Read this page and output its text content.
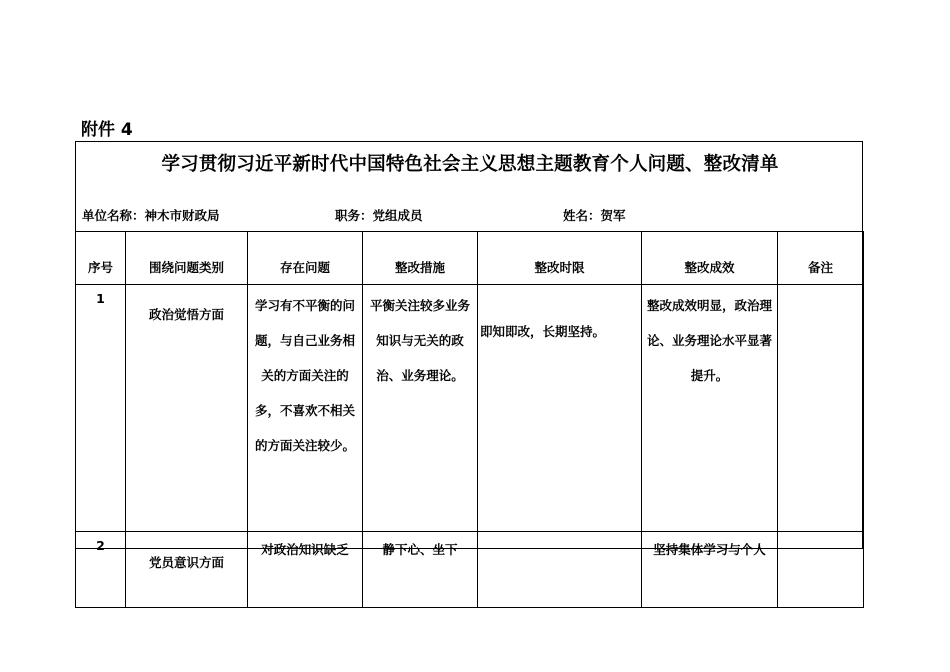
附件 4
学习贯彻习近平新时代中国特色社会主义思想主题教育个人问题、整改清单
单位名称：神木市财政局	职务：党组成员	姓名：贺军
序号	围绕问题类别	存在问题	整改措施	整改时限	整改成效	备注
1	政治觉悟方面	学习有不平衡的问题，与自己业务相关的方面关注的多，不喜欢不相关的方面关注较少。	平衡关注较多业务知识与无关的政治、业务理论。	即知即改，长期坚持。	整改成效明显，政治理论、业务理论水平显著提升。	
2	党员意识方面	对政治知识缺乏	静下心、坐下		坚持集体学习与个人	
